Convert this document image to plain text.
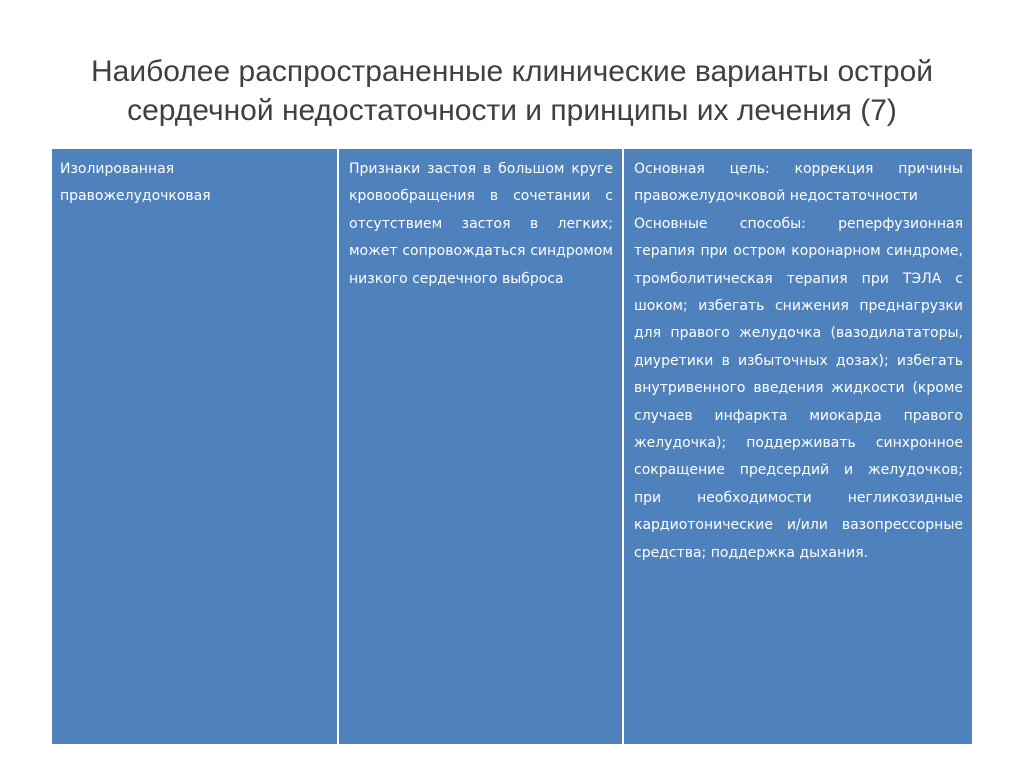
Наиболее распространенные клинические варианты острой сердечной недостаточности и принципы их лечения (7)
Изолированная правожелудочковая
Признаки застоя в большом круге кровообращения в сочетании с отсутствием застоя в легких; может сопровождаться синдромом низкого сердечного выброса
Основная цель: коррекция причины правожелудочковой недостаточности
Основные способы: реперфузионная терапия при остром коронарном синдроме, тромболитическая терапия при ТЭЛА с шоком; избегать снижения преднагрузки для правого желудочка (вазодилататоры, диуретики в избыточных дозах); избегать внутривенного введения жидкости (кроме случаев инфаркта миокарда правого желудочка); поддерживать синхронное сокращение предсердий и желудочков; при необходимости негликозидные кардиотонические и/или вазопрессорные средства; поддержка дыхания.
